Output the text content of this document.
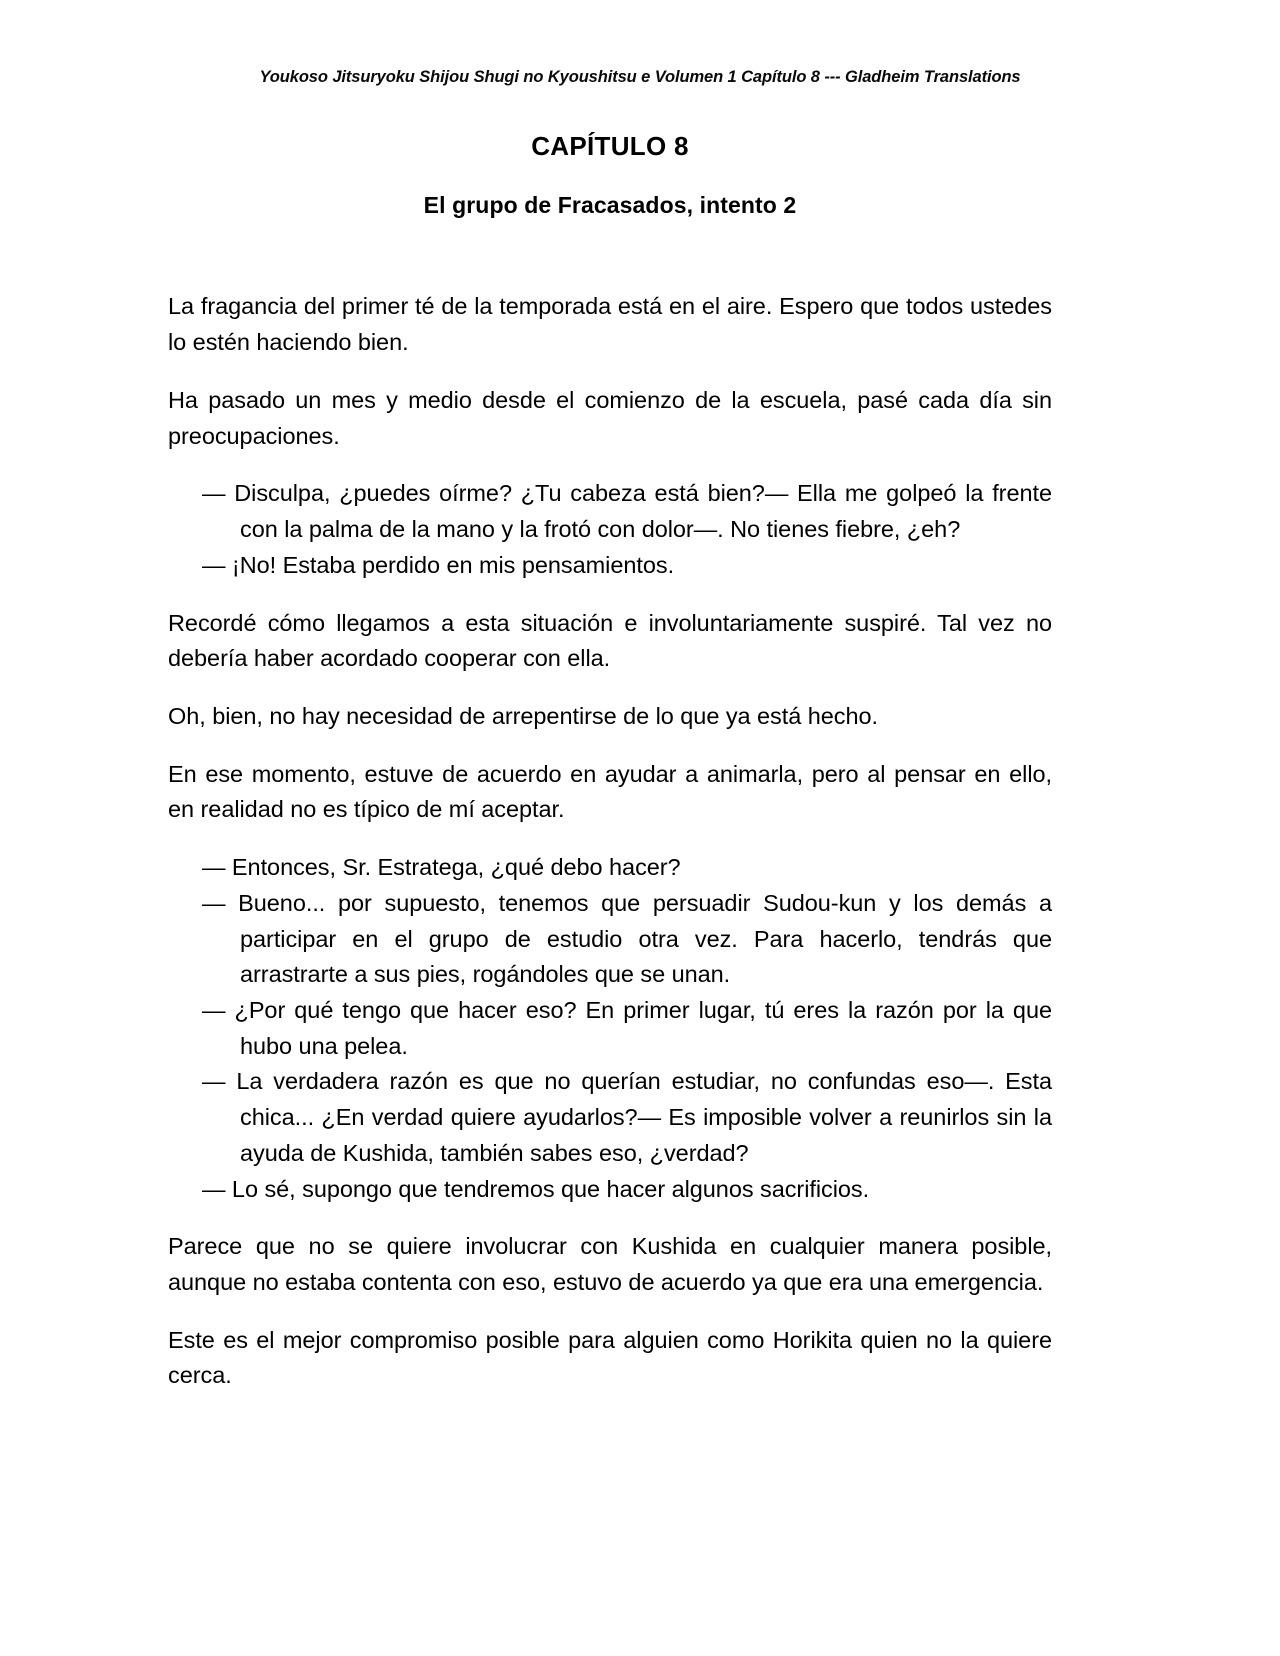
Youkoso Jitsuryoku Shijou Shugi no Kyoushitsu e Volumen 1 Capítulo 8 --- Gladheim Translations
CAPÍTULO 8
El grupo de Fracasados, intento 2

La fragancia del primer té de la temporada está en el aire. Espero que todos ustedes lo estén haciendo bien.

Ha pasado un mes y medio desde el comienzo de la escuela, pasé cada día sin preocupaciones.

— Disculpa, ¿puedes oírme? ¿Tu cabeza está bien?— Ella me golpeó la frente con la palma de la mano y la frotó con dolor—. No tienes fiebre, ¿eh?

— ¡No! Estaba perdido en mis pensamientos.

Recordé cómo llegamos a esta situación e involuntariamente suspiré. Tal vez no debería haber acordado cooperar con ella.

Oh, bien, no hay necesidad de arrepentirse de lo que ya está hecho.

En ese momento, estuve de acuerdo en ayudar a animarla, pero al pensar en ello, en realidad no es típico de mí aceptar.

— Entonces, Sr. Estratega, ¿qué debo hacer?

— Bueno... por supuesto, tenemos que persuadir Sudou-kun y los demás a participar en el grupo de estudio otra vez. Para hacerlo, tendrás que arrastrarte a sus pies, rogándoles que se unan.

— ¿Por qué tengo que hacer eso? En primer lugar, tú eres la razón por la que hubo una pelea.

— La verdadera razón es que no querían estudiar, no confundas eso—. Esta chica... ¿En verdad quiere ayudarlos?— Es imposible volver a reunirlos sin la ayuda de Kushida, también sabes eso, ¿verdad?

— Lo sé, supongo que tendremos que hacer algunos sacrificios.

Parece que no se quiere involucrar con Kushida en cualquier manera posible, aunque no estaba contenta con eso, estuvo de acuerdo ya que era una emergencia.

Este es el mejor compromiso posible para alguien como Horikita quien no la quiere cerca.
